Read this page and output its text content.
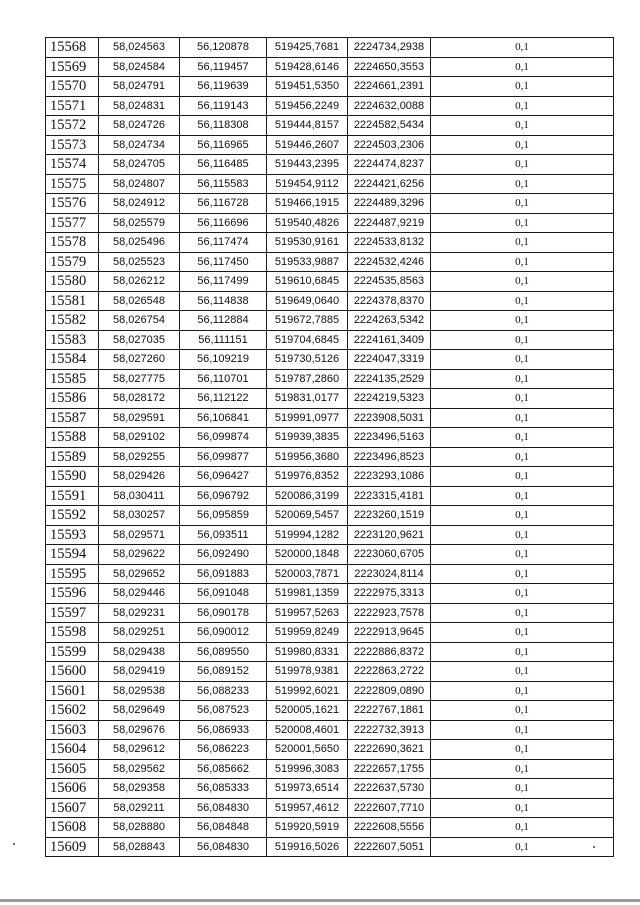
15568	58,024563	56,120878	519425,7681	2224734,2938	0,1
15569	58,024584	56,119457	519428,6146	2224650,3553	0,1
15570	58,024791	56,119639	519451,5350	2224661,2391	0,1
15571	58,024831	56,119143	519456,2249	2224632,0088	0,1
15572	58,024726	56,118308	519444,8157	2224582,5434	0,1
15573	58,024734	56,116965	519446,2607	2224503,2306	0,1
15574	58,024705	56,116485	519443,2395	2224474,8237	0,1
15575	58,024807	56,115583	519454,9112	2224421,6256	0,1
15576	58,024912	56,116728	519466,1915	2224489,3296	0,1
15577	58,025579	56,116696	519540,4826	2224487,9219	0,1
15578	58,025496	56,117474	519530,9161	2224533,8132	0,1
15579	58,025523	56,117450	519533,9887	2224532,4246	0,1
15580	58,026212	56,117499	519610,6845	2224535,8563	0,1
15581	58,026548	56,114838	519649,0640	2224378,8370	0,1
15582	58,026754	56,112884	519672,7885	2224263,5342	0,1
15583	58,027035	56,111151	519704,6845	2224161,3409	0,1
15584	58,027260	56,109219	519730,5126	2224047,3319	0,1
15585	58,027775	56,110701	519787,2860	2224135,2529	0,1
15586	58,028172	56,112122	519831,0177	2224219,5323	0,1
15587	58,029591	56,106841	519991,0977	2223908,5031	0,1
15588	58,029102	56,099874	519939,3835	2223496,5163	0,1
15589	58,029255	56,099877	519956,3680	2223496,8523	0,1
15590	58,029426	56,096427	519976,8352	2223293,1086	0,1
15591	58,030411	56,096792	520086,3199	2223315,4181	0,1
15592	58,030257	56,095859	520069,5457	2223260,1519	0,1
15593	58,029571	56,093511	519994,1282	2223120,9621	0,1
15594	58,029622	56,092490	520000,1848	2223060,6705	0,1
15595	58,029652	56,091883	520003,7871	2223024,8114	0,1
15596	58,029446	56,091048	519981,1359	2222975,3313	0,1
15597	58,029231	56,090178	519957,5263	2222923,7578	0,1
15598	58,029251	56,090012	519959,8249	2222913,9645	0,1
15599	58,029438	56,089550	519980,8331	2222886,8372	0,1
15600	58,029419	56,089152	519978,9381	2222863,2722	0,1
15601	58,029538	56,088233	519992,6021	2222809,0890	0,1
15602	58,029649	56,087523	520005,1621	2222767,1861	0,1
15603	58,029676	56,086933	520008,4601	2222732,3913	0,1
15604	58,029612	56,086223	520001,5650	2222690,3621	0,1
15605	58,029562	56,085662	519996,3083	2222657,1755	0,1
15606	58,029358	56,085333	519973,6514	2222637,5730	0,1
15607	58,029211	56,084830	519957,4612	2222607,7710	0,1
15608	58,028880	56,084848	519920,5919	2222608,5556	0,1
15609	58,028843	56,084830	519916,5026	2222607,5051	0,1
